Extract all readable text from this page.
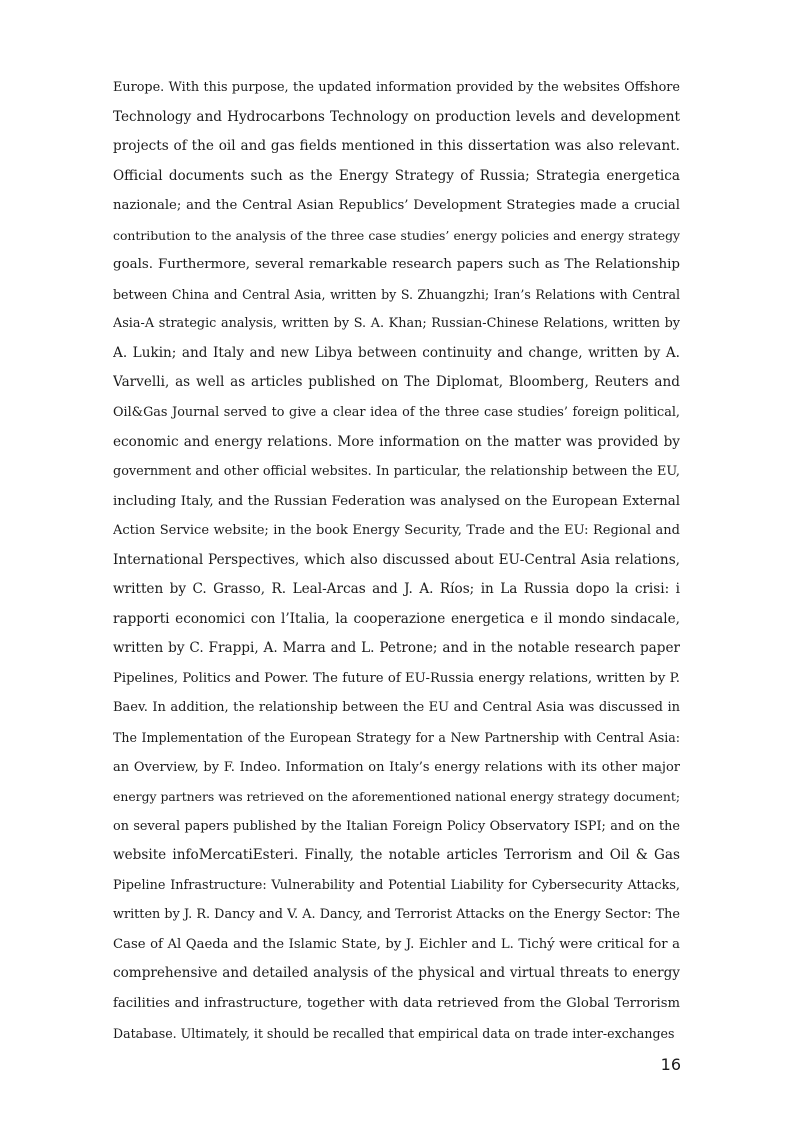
Europe. With this purpose, the updated information provided by the websites Offshore
Technology and Hydrocarbons Technology on production levels and development
projects of the oil and gas fields mentioned in this dissertation was also relevant.
Official documents such as the Energy Strategy of Russia; Strategia energetica
nazionale; and the Central Asian Republics’ Development Strategies made a crucial
contribution to the analysis of the three case studies’ energy policies and energy strategy
goals. Furthermore, several remarkable research papers such as The Relationship
between China and Central Asia, written by S. Zhuangzhi; Iran’s Relations with Central
Asia-A strategic analysis, written by S. A. Khan; Russian-Chinese Relations, written by
A. Lukin; and Italy and new Libya between continuity and change, written by A.
Varvelli, as well as articles published on The Diplomat, Bloomberg, Reuters and
Oil&Gas Journal served to give a clear idea of the three case studies’ foreign political,
economic and energy relations. More information on the matter was provided by
government and other official websites. In particular, the relationship between the EU,
including Italy, and the Russian Federation was analysed on the European External
Action Service website; in the book Energy Security, Trade and the EU: Regional and
International Perspectives, which also discussed about EU-Central Asia relations,
written by C. Grasso, R. Leal-Arcas and J. A. Ríos; in La Russia dopo la crisi: i
rapporti economici con l’Italia, la cooperazione energetica e il mondo sindacale,
written by C. Frappi, A. Marra and L. Petrone; and in the notable research paper
Pipelines, Politics and Power. The future of EU-Russia energy relations, written by P.
Baev. In addition, the relationship between the EU and Central Asia was discussed in
The Implementation of the European Strategy for a New Partnership with Central Asia:
an Overview, by F. Indeo. Information on Italy’s energy relations with its other major
energy partners was retrieved on the aforementioned national energy strategy document;
on several papers published by the Italian Foreign Policy Observatory ISPI; and on the
website infoMercatiEsteri. Finally, the notable articles Terrorism and Oil & Gas
Pipeline Infrastructure: Vulnerability and Potential Liability for Cybersecurity Attacks,
written by J. R. Dancy and V. A. Dancy, and Terrorist Attacks on the Energy Sector: The
Case of Al Qaeda and the Islamic State, by J. Eichler and L. Tichý were critical for a
comprehensive and detailed analysis of the physical and virtual threats to energy
facilities and infrastructure, together with data retrieved from the Global Terrorism
Database. Ultimately, it should be recalled that empirical data on trade inter-exchanges
16
